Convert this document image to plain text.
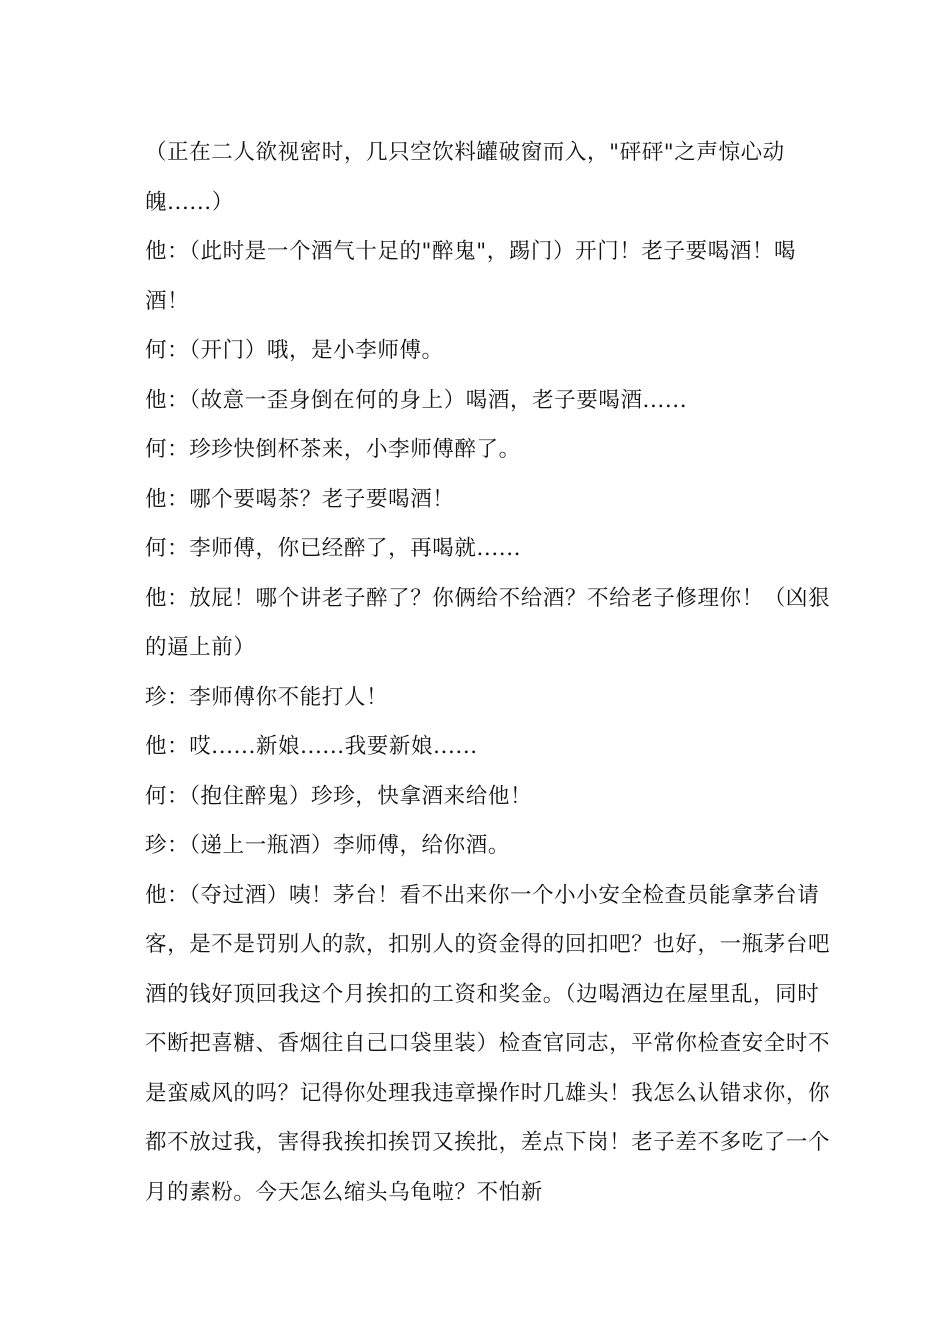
（正在二人欲视密时，几只空饮料罐破窗而入，"砰砰"之声惊心动魄......）

他：（此时是一个酒气十足的"醉鬼"，踢门）开门！老子要喝酒！喝酒！

何：（开门）哦，是小李师傅。

他：（故意一歪身倒在何的身上）喝酒，老子要喝酒......

何：珍珍快倒杯茶来，小李师傅醉了。

他：哪个要喝茶？老子要喝酒！

何：李师傅，你已经醉了，再喝就......

他：放屁！哪个讲老子醉了？你俩给不给酒？不给老子修理你！（凶狠的逼上前）

珍：李师傅你不能打人！

他：哎......新娘......我要新娘......

何：（抱住醉鬼）珍珍，快拿酒来给他！

珍：（递上一瓶酒）李师傅，给你酒。

他：（夺过酒）咦！茅台！看不出来你一个小小安全检查员能拿茅台请客，是不是罚别人的款，扣别人的资金得的回扣吧？也好，一瓶茅台吧酒的钱好顶回我这个月挨扣的工资和奖金。（边喝酒边在屋里乱，同时不断把喜糖、香烟往自己口袋里装）检查官同志，平常你检查安全时不是蛮威风的吗？记得你处理我违章操作时几雄头！我怎么认错求你，你都不放过我，害得我挨扣挨罚又挨批，差点下岗！老子差不多吃了一个月的素粉。今天怎么缩头乌龟啦？不怕新
